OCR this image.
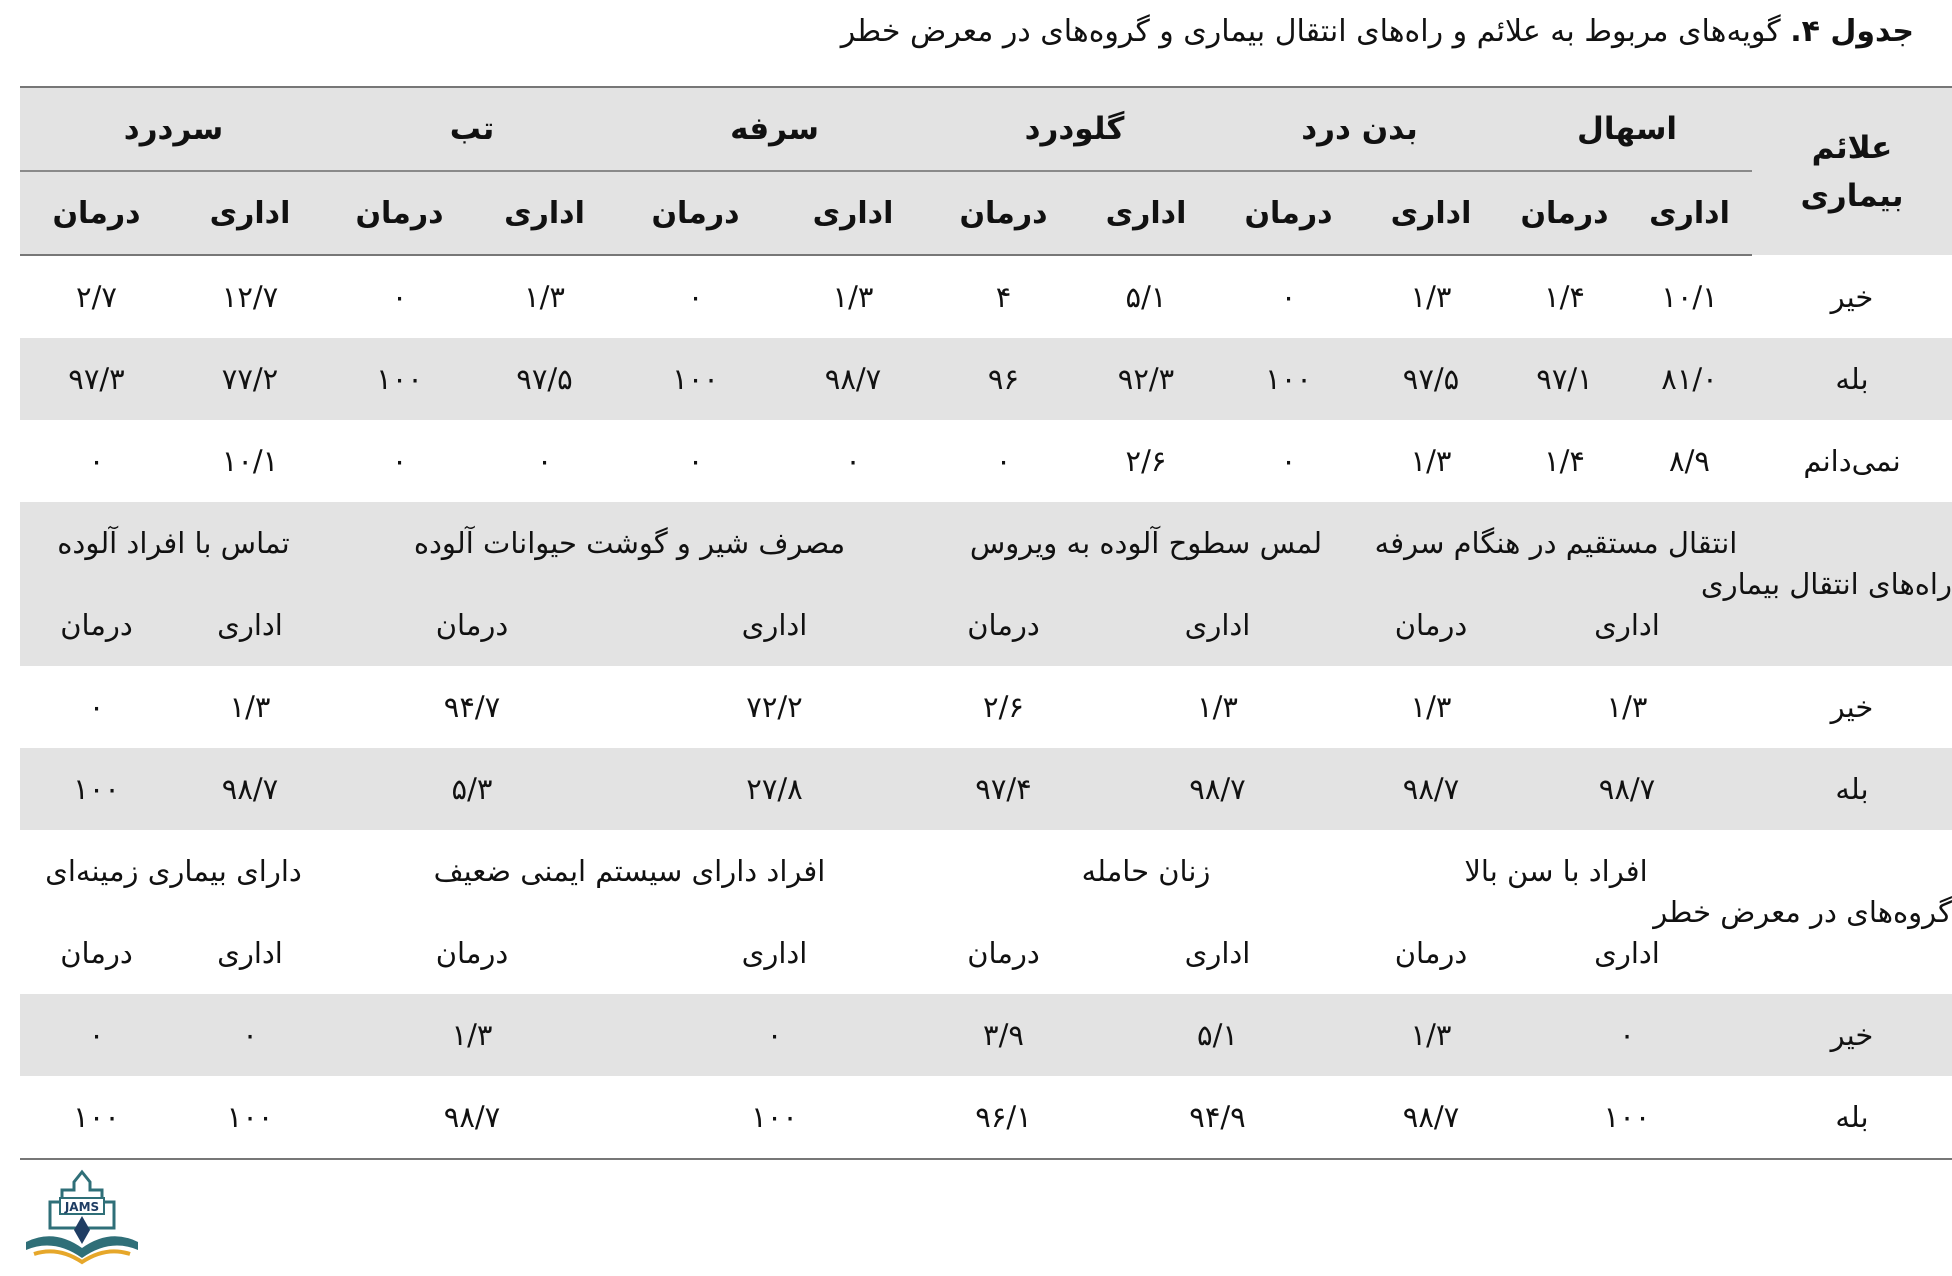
جدول ۴. گویه‌های مربوط به علائم و راه‌های انتقال بیماری و گروه‌های در معرض خطر
علائم
بیماری	اسهال		بدن درد		گلودرد		سرفه		تب		سردرد	
	اداری	درمان	اداری	درمان	اداری	درمان	اداری	درمان	اداری	درمان	اداری	درمان
خیر	۱۰/۱	۱/۴	۱/۳	۰	۵/۱	۴	۱/۳	۰	۱/۳	۰	۱۲/۷	۲/۷
بله	۸۱/۰	۹۷/۱	۹۷/۵	۱۰۰	۹۲/۳	۹۶	۹۸/۷	۱۰۰	۹۷/۵	۱۰۰	۷۷/۲	۹۷/۳
نمی‌دانم	۸/۹	۱/۴	۱/۳	۰	۲/۶	۰	۰	۰	۰	۰	۱۰/۱	۰
راه‌های انتقال بیماری	انتقال مستقیم در هنگام سرفه			لمس سطوح آلوده به ویروس			مصرف شیر و گوشت حیوانات آلوده				تماس با افراد آلوده	
	اداری		درمان	اداری		درمان	اداری		درمان		اداری	درمان
خیر	۱/۳		۱/۳	۱/۳		۲/۶	۷۲/۲		۹۴/۷		۱/۳	۰
بله	۹۸/۷		۹۸/۷	۹۸/۷		۹۷/۴	۲۷/۸		۵/۳		۹۸/۷	۱۰۰
گروه‌های در معرض خطر	افراد با سن بالا			زنان حامله			افراد دارای سیستم ایمنی ضعیف				دارای بیماری زمینه‌ای	
	اداری		درمان	اداری		درمان	اداری		درمان		اداری	درمان
خیر	۰		۱/۳	۵/۱		۳/۹	۰		۱/۳		۰	۰
بله	۱۰۰		۹۸/۷	۹۴/۹		۹۶/۱	۱۰۰		۹۸/۷		۱۰۰	۱۰۰
JAMS
